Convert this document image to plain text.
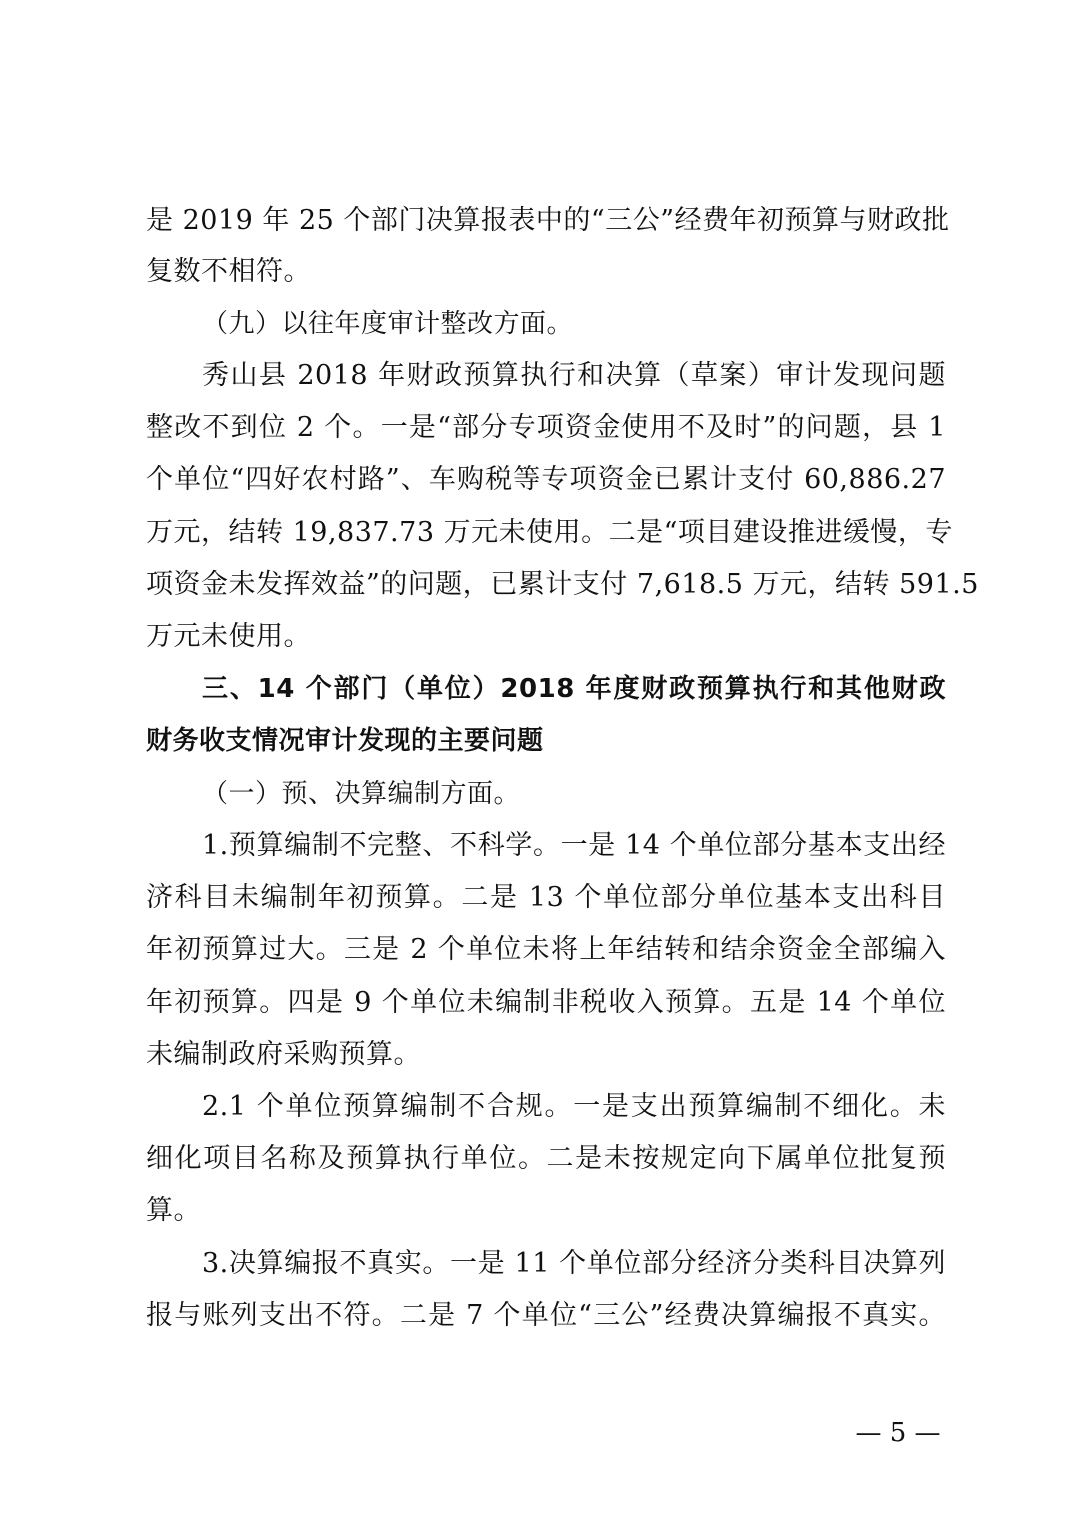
是 2019 年 25 个部门决算报表中的“三公”经费年初预算与财政批
复数不相符。
（九）以往年度审计整改方面。
秀山县 2018 年财政预算执行和决算（草案）审计发现问题
整改不到位 2 个。一是“部分专项资金使用不及时”的问题，县 1
个单位“四好农村路”、车购税等专项资金已累计支付 60,886.27
万元，结转 19,837.73 万元未使用。二是“项目建设推进缓慢，专
项资金未发挥效益”的问题，已累计支付 7,618.5 万元，结转 591.5
万元未使用。
三、14 个部门（单位）2018 年度财政预算执行和其他财政
财务收支情况审计发现的主要问题
（一）预、决算编制方面。
1.预算编制不完整、不科学。一是 14 个单位部分基本支出经
济科目未编制年初预算。二是 13 个单位部分单位基本支出科目
年初预算过大。三是 2 个单位未将上年结转和结余资金全部编入
年初预算。四是 9 个单位未编制非税收入预算。五是 14 个单位
未编制政府采购预算。
2.1 个单位预算编制不合规。一是支出预算编制不细化。未
细化项目名称及预算执行单位。二是未按规定向下属单位批复预
算。
3.决算编报不真实。一是 11 个单位部分经济分类科目决算列
报与账列支出不符。二是 7 个单位“三公”经费决算编报不真实。
— 5 —
